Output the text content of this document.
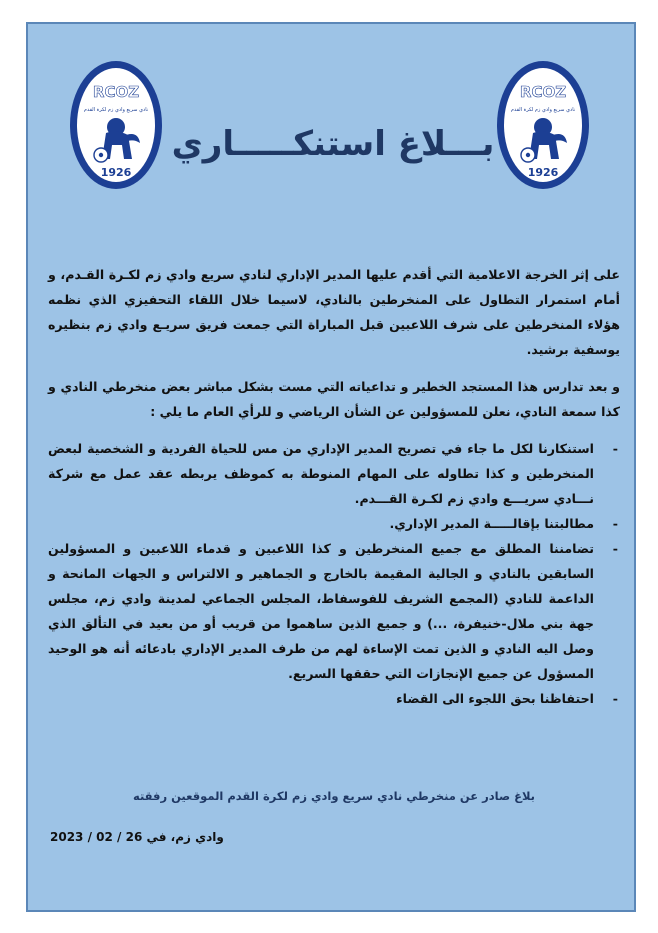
RCOZ
نادي سريع وادي زم لكرة القدم
1926
RCOZ
نادي سريع وادي زم لكرة القدم
1926
بـــلاغ استنكـــــاري

على إثر الخرجة الاعلامية التي أقدم عليها المدير الإداري لنادي سريع وادي زم لكـرة القـدم، و أمام استمرار التطاول على المنخرطين بالنادي، لاسيما خلال اللقاء التحفيزي الذي نظمه هؤلاء المنخرطين على شرف اللاعبين قبل المباراة التي جمعت فريق سريـع وادي زم بنظيره يوسفية برشيد.

و بعد تدارس هذا المستجد الخطير و تداعياته التي مست بشكل مباشر بعض منخرطي النادي و كذا سمعة النادي، نعلن للمسؤولين عن الشأن الرياضي و للرأي العام ما يلي :

-
استنكارنا لكل ما جاء في تصريح المدير الإداري من مس للحياة الفردية و الشخصية لبعض المنخرطين و كذا تطاوله على المهام المنوطة به كموظف يربطه عقد عمل مع شركة نـــادي سريـــع وادي زم لكـرة القـــدم.
-
مطالبتنا بإقالـــــة المدير الإداري.
-
تضامننا المطلق مع جميع المنخرطين و كذا اللاعبين و قدماء اللاعبين و المسؤولين السابقين بالنادي و الجالية المقيمة بالخارج و الجماهير و الالتراس و الجهات المانحة و الداعمة للنادي (المجمع الشريف للفوسفاط، المجلس الجماعي لمدينة وادي زم، مجلس جهة بني ملال-خنيفرة، ...) و جميع الذين ساهموا من قريب أو من بعيد في التألق الذي وصل اليه النادي و الذين تمت الإساءة لهم من طرف المدير الإداري بادعائه أنه هو الوحيد المسؤول عن جميع الإنجازات التي حققها السريع.
-
احتفاظنا بحق اللجوء الى القضاء
بلاغ صادر عن منخرطي نادي سريع وادي زم لكرة القدم الموقعين رفقته
وادي زم، في 26 / 02 / 2023
